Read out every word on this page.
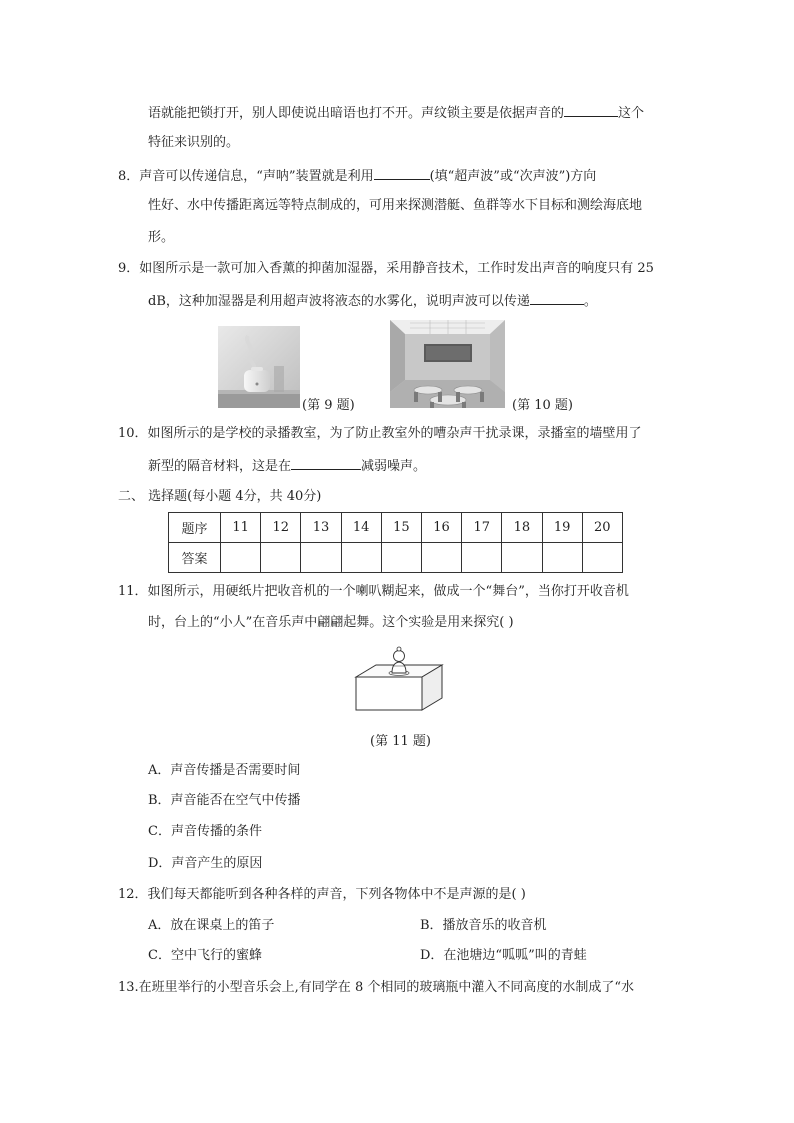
语就能把锁打开，别人即使说出暗语也打不开。声纹锁主要是依据声音的	这个
特征来识别的。
8．声音可以传递信息，“声呐”装置就是利用	(填“超声波”或“次声波”)方向
性好、水中传播距离远等特点制成的，可用来探测潜艇、鱼群等水下目标和测绘海底地
形。
9．如图所示是一款可加入香薰的抑菌加湿器，采用静音技术，工作时发出声音的响度只有 25
dB，这种加湿器是利用超声波将液态的水雾化，说明声波可以传递	。
(第 9 题)	(第 10 题)
10．如图所示的是学校的录播教室，为了防止教室外的嘈杂声干扰录课，录播室的墙壁用了
新型的隔音材料，这是在	减弱噪声。
二、 选择题(每小题 4分，共 40分)
题序	11	12	13	14	15	16	17	18	19	20
答案										
11．如图所示，用硬纸片把收音机的一个喇叭糊起来，做成一个“舞台”，当你打开收音机
时，台上的“小人”在音乐声中翩翩起舞。这个实验是用来探究( )
(第 11 题)
A．声音传播是否需要时间
B．声音能否在空气中传播
C．声音传播的条件
D．声音产生的原因
12．我们每天都能听到各种各样的声音，下列各物体中不是声源的是( )
A．放在课桌上的笛子	B．播放音乐的收音机
C．空中飞行的蜜蜂	D．在池塘边“呱呱”叫的青蛙
13.在班里举行的小型音乐会上,有同学在 8 个相同的玻璃瓶中灌入不同高度的水制成了“水
